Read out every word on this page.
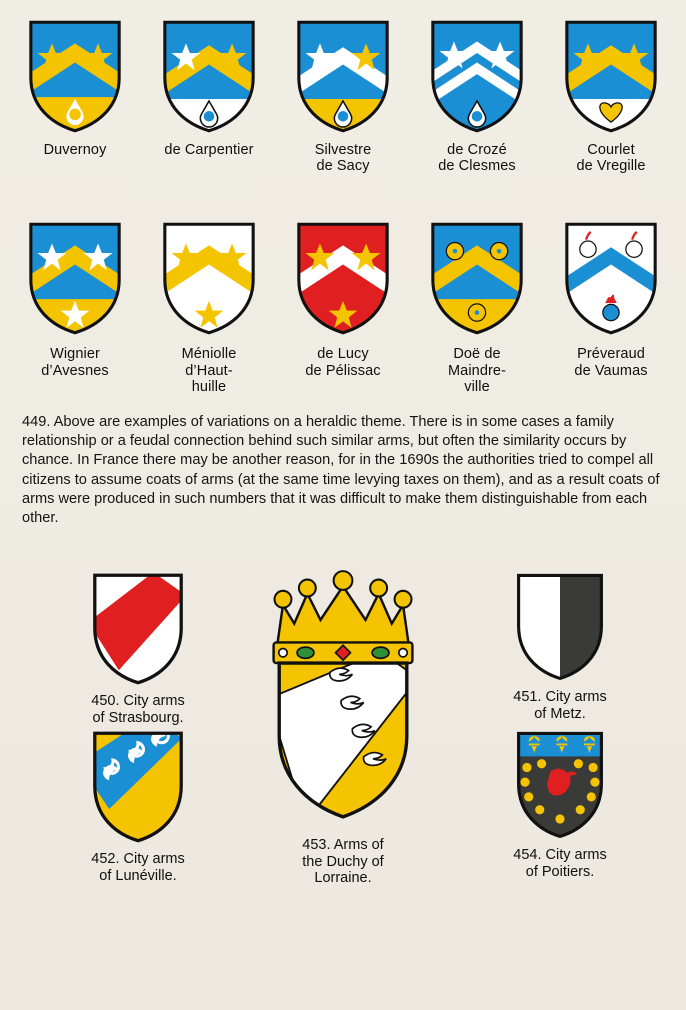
Duvernoy	de Carpentier	Silvestre
de Sacy
de Crozé
de Clesmes
Courlet
de Vregille
Wignier
d’Avesnes
Méniolle
d’Haut-
huille
de Lucy
de Pélissac
Doë de
Maindre-
ville
Préveraud
de Vaumas

449. Above are examples of variations on a heraldic theme. There is in some cases a family relationship or a feudal connection behind such similar arms, but often the similarity occurs by chance. In France there may be another reason, for in the 1690s the authorities tried to compel all citizens to assume coats of arms (at the same time levying taxes on them), and as a result coats of arms were produced in such numbers that it was difficult to make them distinguishable from each other.

450. City arms
of Strasbourg.
451. City arms
of Metz.
452. City arms
of Lunéville.
454. City arms
of Poitiers.
453. Arms of
the Duchy of
Lorraine.
